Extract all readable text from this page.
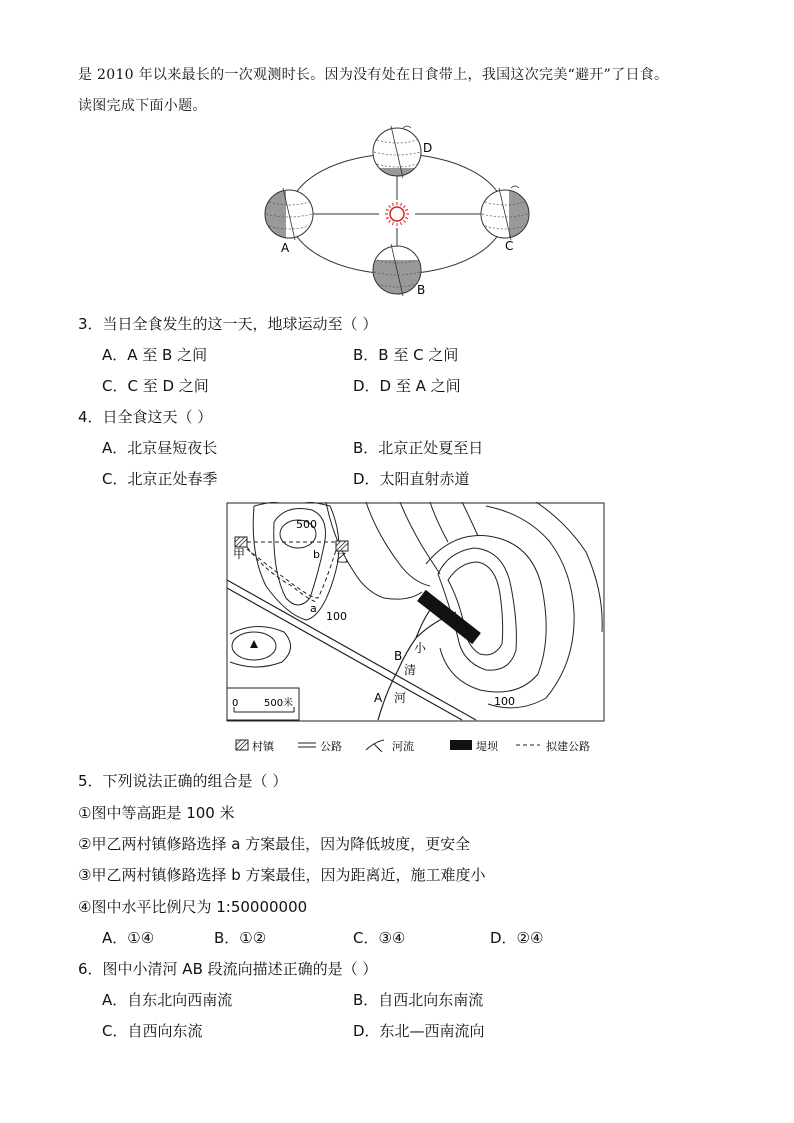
是 2010 年以来最长的一次观测时长。因为没有处在日食带上，我国这次完美“避开”了日食。
读图完成下面小题。
A
B
C
D
3．当日全食发生的这一天，地球运动至（ ）
A．A 至 B 之间	B．B 至 C 之间
C．C 至 D 之间	D．D 至 A 之间
4．日全食这天（ ）
A．北京昼短夜长	B．北京正处夏至日
C．北京正处春季	D．太阳直射赤道
500
100
100
甲	乙
a
b
B
A
小
清
河
0	500米
村镇	公路	河流	堤坝	拟建公路
5．下列说法正确的组合是（ ）
①图中等高距是 100 米
②甲乙两村镇修路选择 a 方案最佳，因为降低坡度，更安全
③甲乙两村镇修路选择 b 方案最佳，因为距离近，施工难度小
④图中水平比例尺为 1:50000000
A．①④	B．①②	C．③④	D．②④
6．图中小清河 AB 段流向描述正确的是（ ）
A．自东北向西南流	B．自西北向东南流
C．自西向东流	D．东北—西南流向
